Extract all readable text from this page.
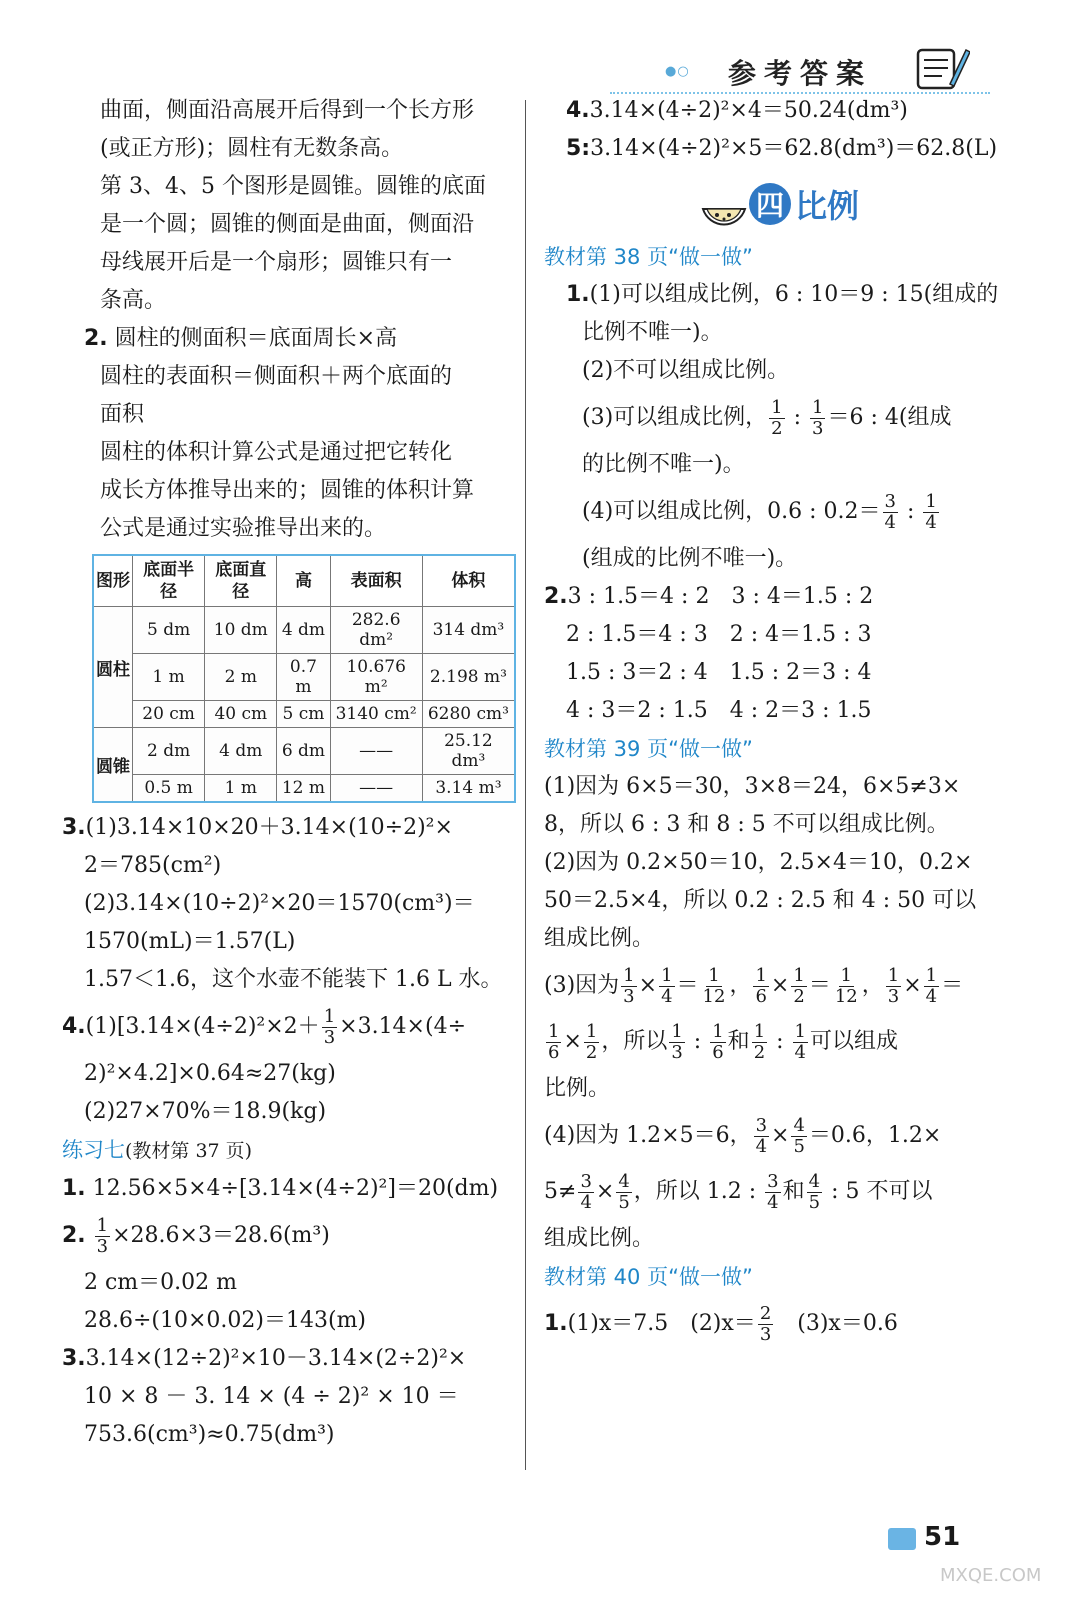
●○ 参考答案
曲面，侧面沿高展开后得到一个长方形
(或正方形)；圆柱有无数条高。
第 3、4、5 个图形是圆锥。圆锥的底面
是一个圆；圆锥的侧面是曲面，侧面沿
母线展开后是一个扇形；圆锥只有一
条高。
2. 圆柱的侧面积＝底面周长×高
圆柱的表面积＝侧面积＋两个底面的
面积
圆柱的体积计算公式是通过把它转化
成长方体推导出来的；圆锥的体积计算
公式是通过实验推导出来的。
图形	底面半径	底面直径	高	表面积	体积
圆柱	5 dm	10 dm	4 dm	282.6 dm²	314 dm³
	1 m	2 m	0.7 m	10.676 m²	2.198 m³
	20 cm	40 cm	5 cm	3140 cm²	6280 cm³
圆锥	2 dm	4 dm	6 dm	——	25.12 dm³
	0.5 m	1 m	12 m	——	3.14 m³
3.(1)3.14×10×20＋3.14×(10÷2)²×
2＝785(cm²)
(2)3.14×(10÷2)²×20＝1570(cm³)＝
1570(mL)＝1.57(L)
1.57＜1.6，这个水壶不能装下 1.6 L 水。
$4.(1)[3.14\times(4\div 2)^2\times 2+ \frac{1}{3} \times 3.14\times(4\div$
2)²×4.2]×0.64≈27(kg)
(2)27×70%＝18.9(kg)
练习七(教材第 37 页)
1. 12.56×5×4÷[3.14×(4÷2)²]＝20(dm)
2. $\frac{1}{3} \times 28.6\times 3=28.6(m^3)$
2 cm＝0.02 m
28.6÷(10×0.02)＝143(m)
3.3.14×(12÷2)²×10－3.14×(2÷2)²×
10 × 8 － 3. 14 × (4 ÷ 2)² × 10 ＝
753.6(cm³)≈0.75(dm³)
4.3.14×(4÷2)²×4＝50.24(dm³)
5:3.14×(4÷2)²×5＝62.8(dm³)＝62.8(L)
四 比例
教材第 38 页“做一做”
1.(1)可以组成比例，6 : 10＝9 : 15(组成的
比例不唯一)。
(2)不可以组成比例。
(3)可以组成比例， $\frac{1}{2}$ : $\frac{1}{3} =6$ : 4(组成
的比例不唯一)。
(4)可以组成比例，0.6 : $0.2= \frac{3}{4}$ : $\frac{1}{4}$
(组成的比例不唯一)。
2.3 : 1.5＝4 : 2　3 : 4＝1.5 : 2
2 : 1.5＝4 : 3　2 : 4＝1.5 : 3
1.5 : 3＝2 : 4　1.5 : 2＝3 : 4
4 : 3＝2 : 1.5　4 : 2＝3 : 1.5
教材第 39 页“做一做”
(1)因为 6×5＝30，3×8＝24，6×5≠3×
8，所以 6 : 3 和 8 : 5 不可以组成比例。
(2)因为 0.2×50＝10，2.5×4＝10，0.2×
50＝2.5×4，所以 0.2 : 2.5 和 4 : 50 可以
组成比例。
(3)因为 $\frac{1}{3} \times \frac{1}{4} = \frac{1}{12}$ ， $\frac{1}{6} \times \frac{1}{2} = \frac{1}{12}$ ， $\frac{1}{3} \times \frac{1}{4}$ ＝
$\frac{1}{6} \times \frac{1}{2}$ ，所以 $\frac{1}{3}$ : $\frac{1}{6}$ 和 $\frac{1}{2}$ : $\frac{1}{4}$ 可以组成
比例。
(4)因为 1.2×5＝6， $\frac{3}{4} \times \frac{4}{5} =0.6$，1.2×
$5\ne \frac{3}{4} \times \frac{4}{5}$ ，所以 1.2 : $\frac{3}{4}$ 和 $\frac{4}{5}$ : 5 不可以
组成比例。
教材第 40 页“做一做”
1.(1)x＝7.5　$(2)x= \frac{2}{3}$ 　(3)x＝0.6
51
MXQE.COM
